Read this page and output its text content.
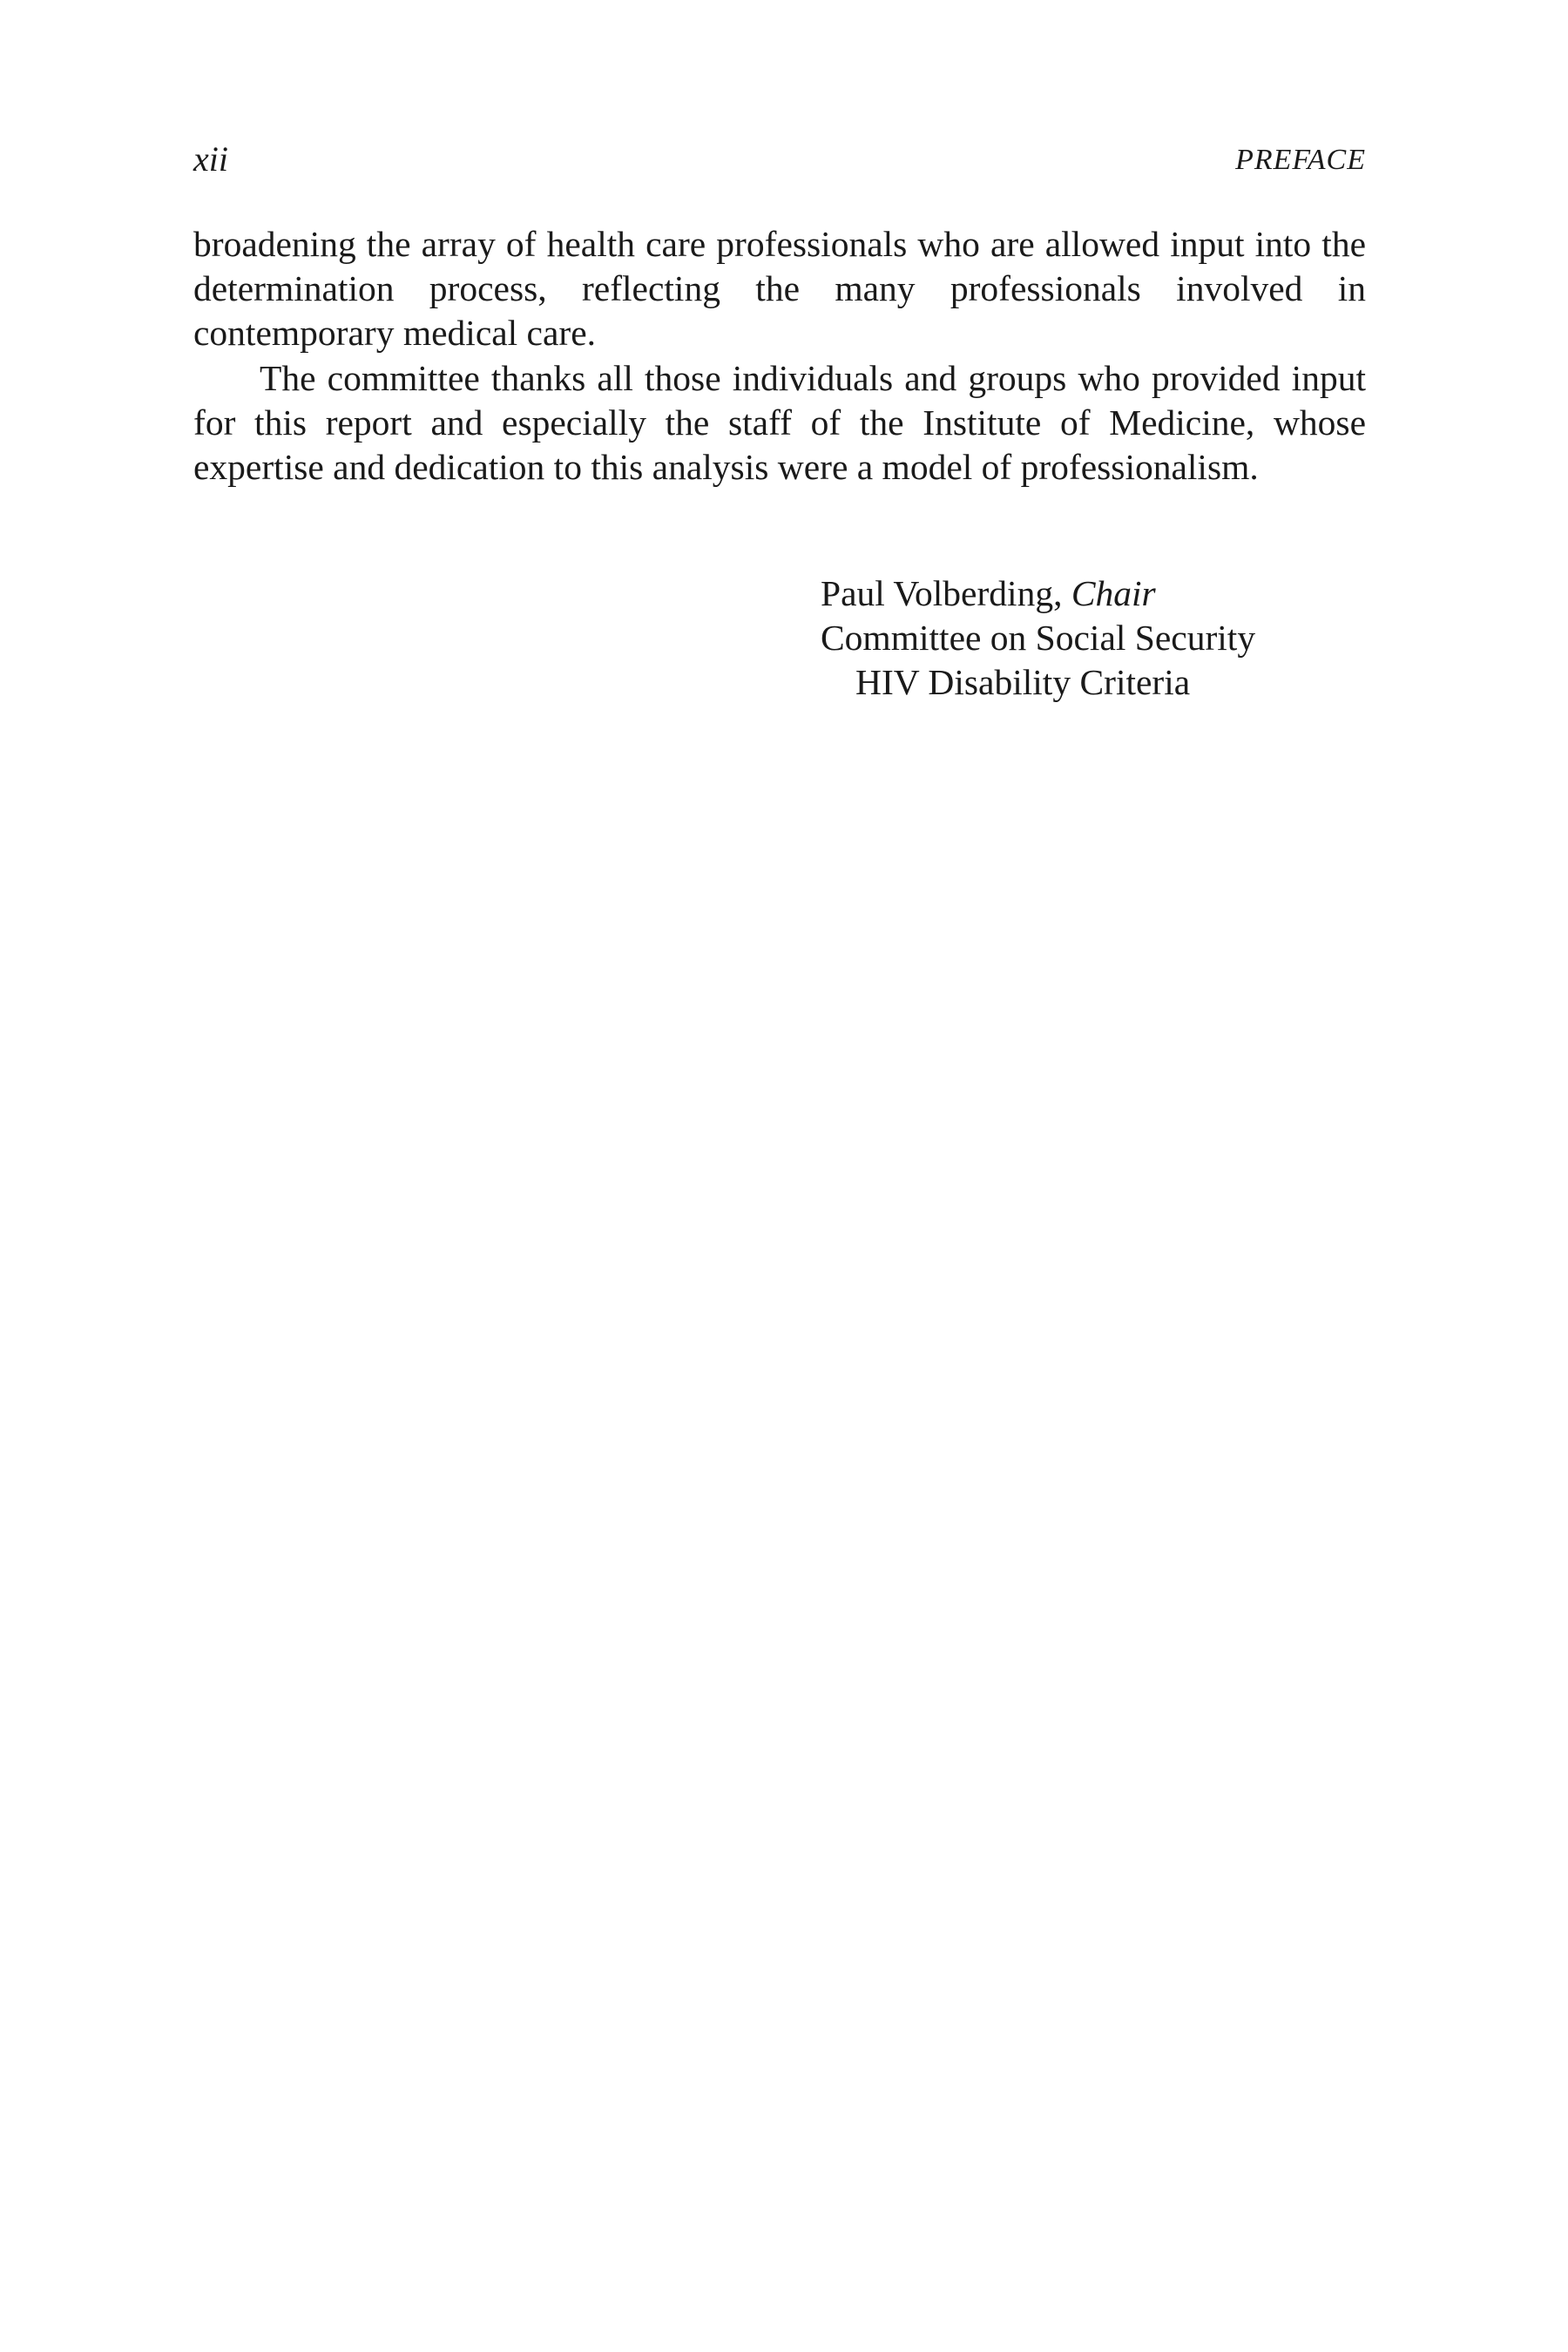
xii	PREFACE

broadening the array of health care professionals who are allowed input into the determination process, reflecting the many professionals involved in contemporary medical care.

The committee thanks all those individuals and groups who provided input for this report and especially the staff of the Institute of Medicine, whose expertise and dedication to this analysis were a model of professionalism.

Paul Volberding, Chair
Committee on Social Security
HIV Disability Criteria
